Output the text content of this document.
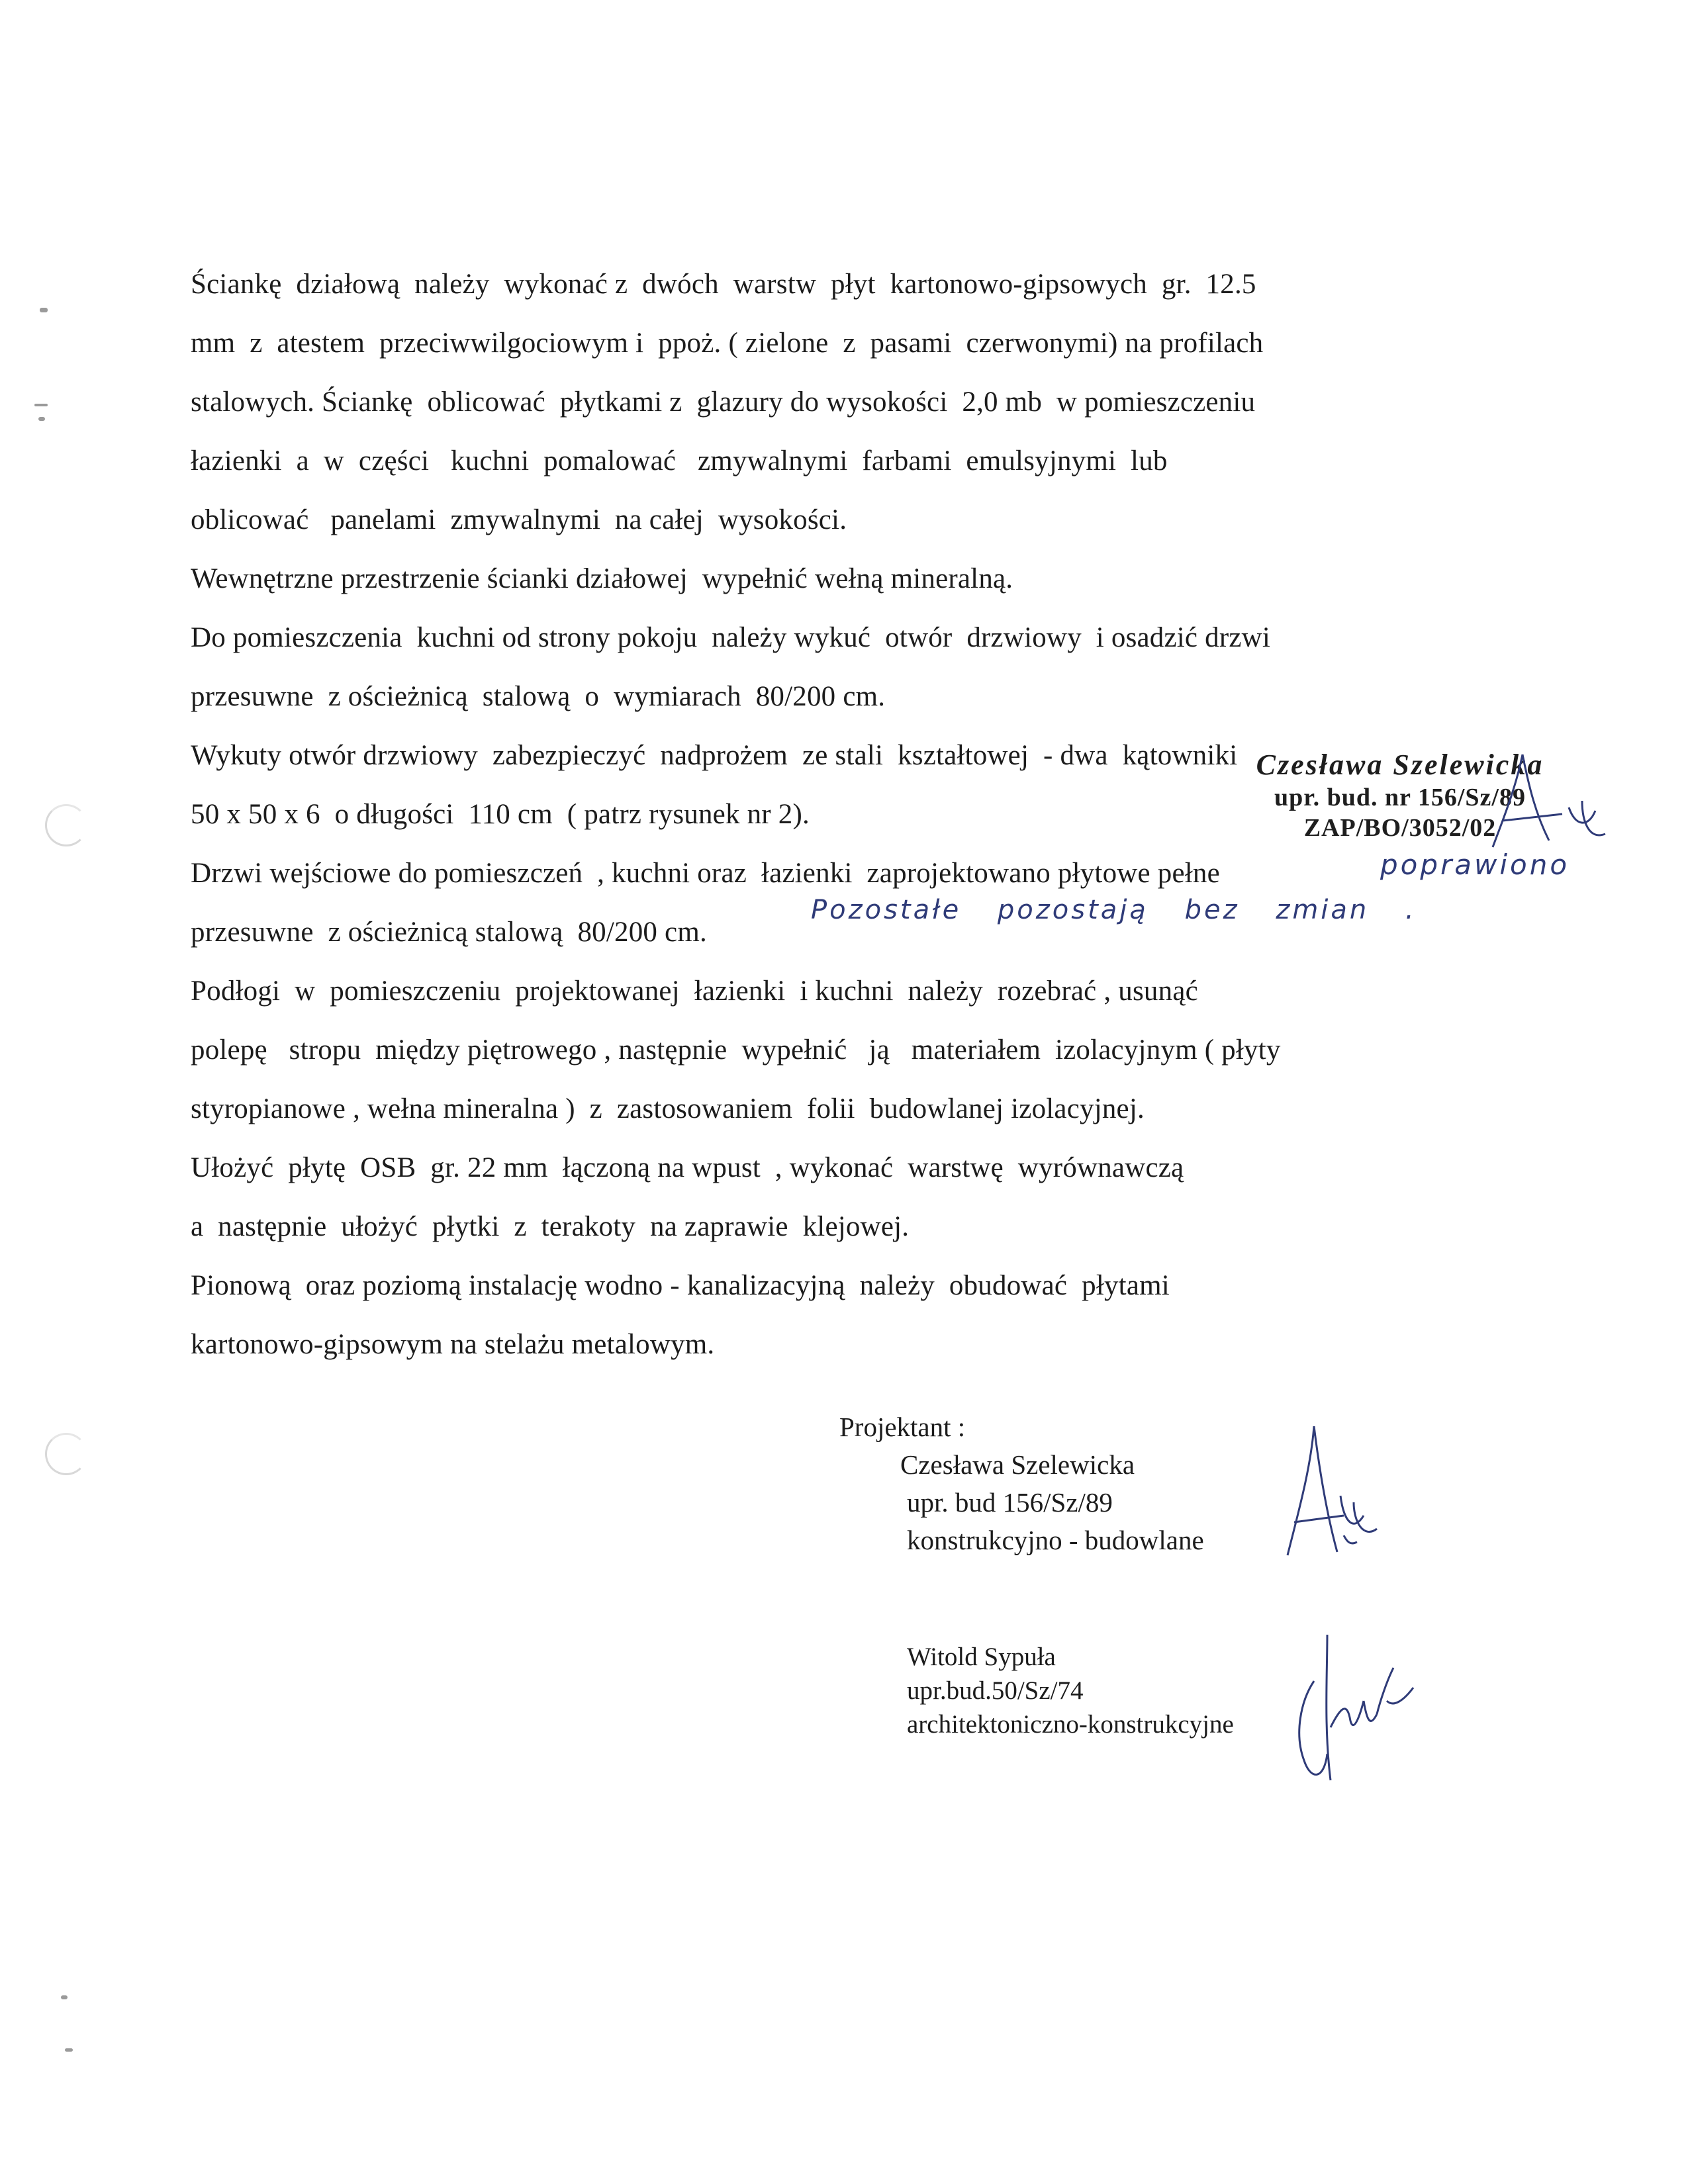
Ściankę  działową  należy  wykonać z  dwóch  warstw  płyt  kartonowo-gipsowych  gr.  12.5
mm  z  atestem  przeciwwilgociowym i  ppoż. ( zielone  z  pasami  czerwonymi) na profilach
stalowych. Ściankę  oblicować  płytkami z  glazury do wysokości  2,0 mb  w pomieszczeniu
łazienki  a  w  części   kuchni  pomalować   zmywalnymi  farbami  emulsyjnymi  lub
oblicować   panelami  zmywalnymi  na całej  wysokości.
Wewnętrzne przestrzenie ścianki działowej  wypełnić wełną mineralną.
Do pomieszczenia  kuchni od strony pokoju  należy wykuć  otwór  drzwiowy  i osadzić drzwi
przesuwne  z ościeżnicą  stalową  o  wymiarach  80/200 cm.
Wykuty otwór drzwiowy  zabezpieczyć  nadprożem  ze stali  kształtowej  - dwa  kątowniki
50 x 50 x 6  o długości  110 cm  ( patrz rysunek nr 2).
Drzwi wejściowe do pomieszczeń  , kuchni oraz  łazienki  zaprojektowano płytowe pełne
przesuwne  z ościeżnicą stalową  80/200 cm.
Podłogi  w  pomieszczeniu  projektowanej  łazienki  i kuchni  należy  rozebrać , usunąć
polepę   stropu  między piętrowego , następnie  wypełnić   ją   materiałem  izolacyjnym ( płyty
styropianowe , wełna mineralna )  z  zastosowaniem  folii  budowlanej izolacyjnej.
Ułożyć  płytę  OSB  gr. 22 mm  łączoną na wpust  , wykonać  warstwę  wyrównawczą
a  następnie  ułożyć  płytki  z  terakoty  na zaprawie  klejowej.
Pionową  oraz poziomą instalację wodno - kanalizacyjną  należy  obudować  płytami
kartonowo-gipsowym na stelażu metalowym.
poprawiono
Pozostałe pozostają bez zmian .
Czesława Szelewicka
upr. bud. nr 156/Sz/89
ZAP/BO/3052/02
Projektant :
Czesława Szelewicka
upr. bud 156/Sz/89
konstrukcyjno - budowlane
Witold Sypuła
upr.bud.50/Sz/74
architektoniczno-konstrukcyjne
